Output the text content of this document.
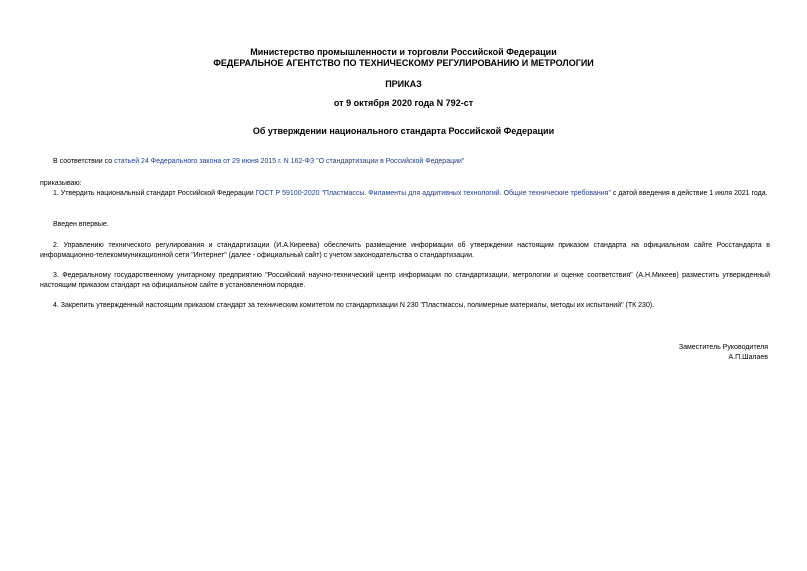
Министерство промышленности и торговли Российской Федерации
ФЕДЕРАЛЬНОЕ АГЕНТСТВО ПО ТЕХНИЧЕСКОМУ РЕГУЛИРОВАНИЮ И МЕТРОЛОГИИ
ПРИКАЗ
от 9 октября 2020 года N 792-ст
Об утверждении национального стандарта Российской Федерации
В соответствии со статьей 24 Федерального закона от 29 июня 2015 г. N 162-ФЗ "О стандартизации в Российской Федерации"
приказываю:
1. Утвердить национальный стандарт Российской Федерации ГОСТ Р 59100-2020 "Пластмассы. Филаменты для аддитивных технологий. Общие технические требования" с датой введения в действие 1 июля 2021 года.
Введен впервые.
2. Управлению технического регулирования и стандартизации (И.А.Киреева) обеспечить размещение информации об утверждении настоящим приказом стандарта на официальном сайте Росстандарта в информационно-телекоммуникационной сети "Интернет" (далее - официальный сайт) с учетом законодательства о стандартизации.
3. Федеральному государственному унитарному предприятию "Российский научно-технический центр информации по стандартизации, метрологии и оценке соответствия" (А.Н.Микеев) разместить утвержденный настоящим приказом стандарт на официальном сайте в установленном порядке.
4. Закрепить утвержденный настоящим приказом стандарт за техническим комитетом по стандартизации N 230 "Пластмассы, полимерные материалы, методы их испытаний" (ТК 230).
Заместитель Руководителя
А.П.Шалаев
